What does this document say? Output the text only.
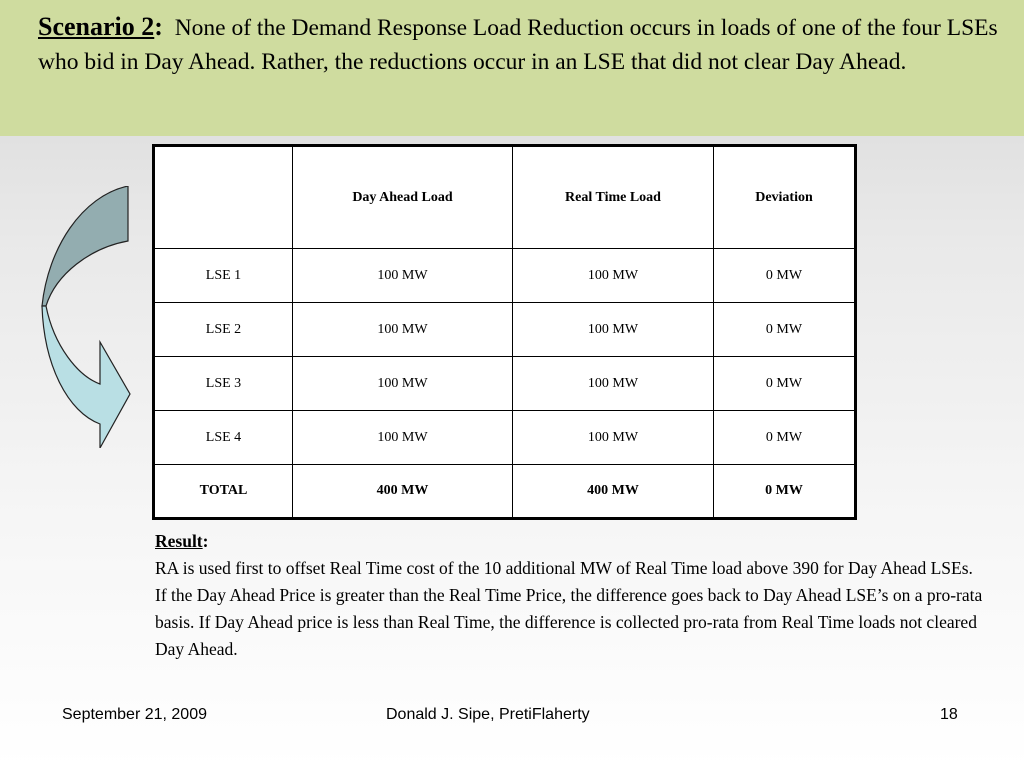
Scenario 2: None of the Demand Response Load Reduction occurs in loads of one of the four LSEs who bid in Day Ahead. Rather, the reductions occur in an LSE that did not clear Day Ahead.
	Day Ahead Load	Real Time Load	Deviation
LSE 1	100 MW	100 MW	0 MW
LSE 2	100 MW	100 MW	0 MW
LSE 3	100 MW	100 MW	0 MW
LSE 4	100 MW	100 MW	0 MW
TOTAL	400 MW	400 MW	0 MW
Result:
RA is used first to offset Real Time cost of the 10 additional MW of Real Time load above 390 for Day Ahead LSEs. If the Day Ahead Price is greater than the Real Time Price, the difference goes back to Day Ahead LSE’s on a pro-rata basis. If Day Ahead price is less than Real Time, the difference is collected pro-rata from Real Time loads not cleared Day Ahead.
September 21, 2009	Donald J. Sipe, PretiFlaherty	18
